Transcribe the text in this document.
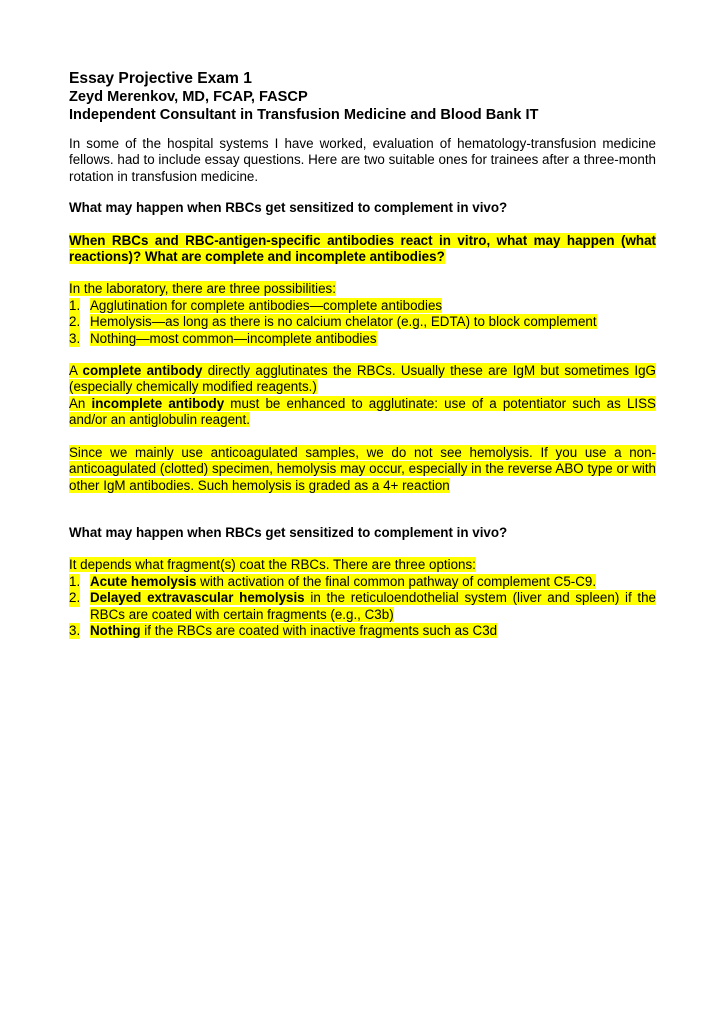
Essay Projective Exam 1

Zeyd Merenkov, MD, FCAP, FASCP

Independent Consultant in Transfusion Medicine and Blood Bank IT

In some of the hospital systems I have worked, evaluation of hematology-transfusion medicine fellows. had to include essay questions. Here are two suitable ones for trainees after a three-month rotation in transfusion medicine.

What may happen when RBCs get sensitized to complement in vivo?

When RBCs and RBC-antigen-specific antibodies react in vitro, what may happen (what reactions)? What are complete and incomplete antibodies?

In the laboratory, there are three possibilities:

1. Agglutination for complete antibodies—complete antibodies
2. Hemolysis—as long as there is no calcium chelator (e.g., EDTA) to block complement
3. Nothing—most common—incomplete antibodies

A complete antibody directly agglutinates the RBCs. Usually these are IgM but sometimes IgG (especially chemically modified reagents.)

An incomplete antibody must be enhanced to agglutinate: use of a potentiator such as LISS and/or an antiglobulin reagent.

Since we mainly use anticoagulated samples, we do not see hemolysis. If you use a non-anticoagulated (clotted) specimen, hemolysis may occur, especially in the reverse ABO type or with other IgM antibodies. Such hemolysis is graded as a 4+ reaction

What may happen when RBCs get sensitized to complement in vivo?

It depends what fragment(s) coat the RBCs. There are three options:

1. Acute hemolysis with activation of the final common pathway of complement C5-C9.
2. Delayed extravascular hemolysis in the reticuloendothelial system (liver and spleen) if the RBCs are coated with certain fragments (e.g., C3b)
3. Nothing if the RBCs are coated with inactive fragments such as C3d
